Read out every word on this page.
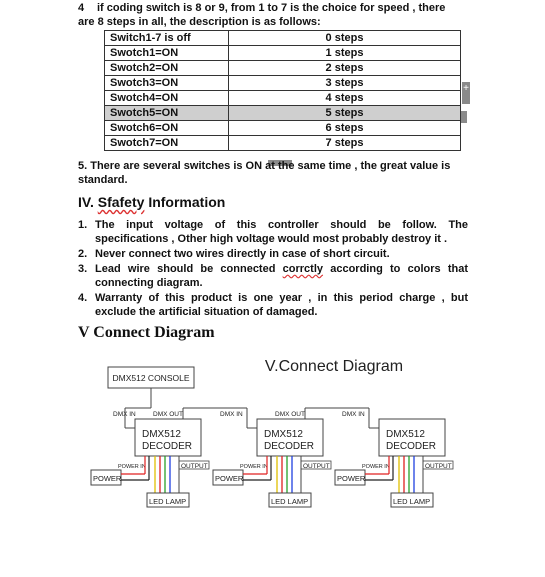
4 if coding switch is 8 or 9, from 1 to 7 is the choice for speed , there
are 8 steps in all, the description is as follows:
Switch1-7 is off	0 steps
Swotch1=ON	1 steps
Swotch2=ON	2 steps
Swotch3=ON	3 steps
Swotch4=ON	4 steps
Swotch5=ON	5 steps
Swotch6=ON	6 steps
Swotch7=ON	7 steps
+
5. There are several switches is ON at the same time , the great value is
standard.
IV. Sfafety Information
1. The input voltage of this controller should be follow. The
specifications , Other high voltage would most probably destroy it .
2. Never connect two wires directly in case of short circuit.
3. Lead wire should be connected corrctly according to colors that
connecting diagram.
4. Warranty of this product is one year , in this period charge , but
exclude the artificial situation of damaged.
V Connect Diagram
V.Connect Diagram
DMX512 CONSOLE
DMX IN	DMX OUT
DMX512
DECODER
POWER IN	OUTPUT
POWER
LED LAMP
DMX IN	DMX OUT
DMX512
DECODER
POWER IN	OUTPUT
POWER
LED LAMP
DMX IN
DMX512
DECODER
POWER IN	OUTPUT
POWER
LED LAMP
